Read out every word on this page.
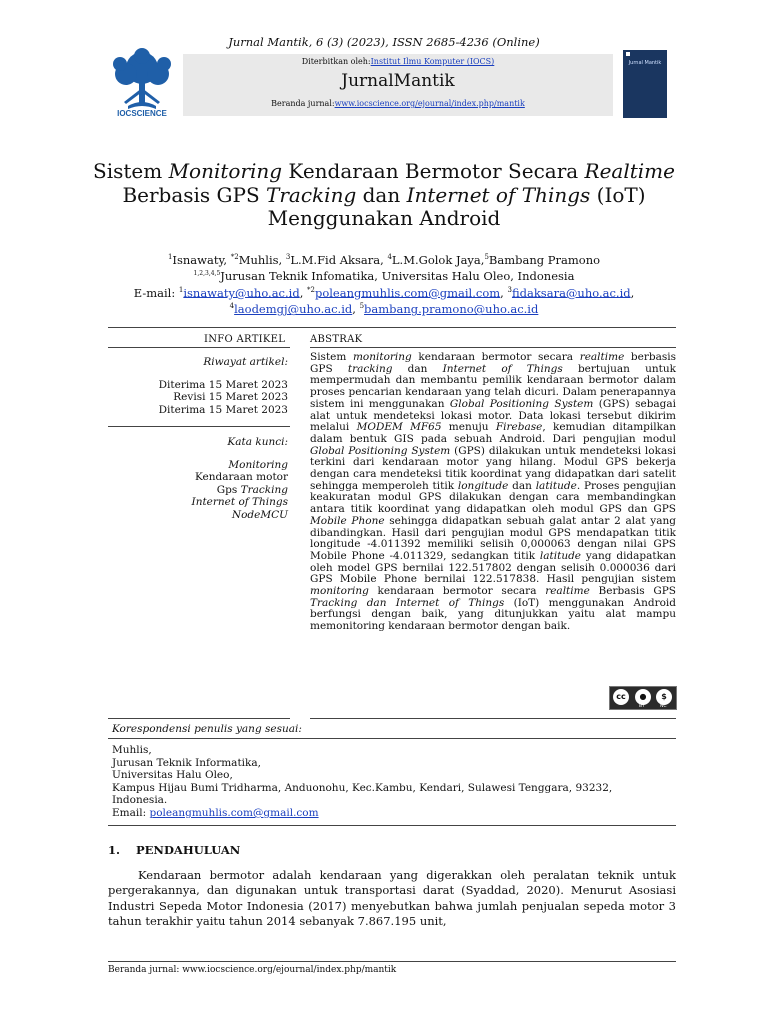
Jurnal Mantik, 6 (3) (2023), ISSN 2685-4236 (Online)
IOCSCIENCE
Diterbitkan oleh:Institut Ilmu Komputer (IOCS)
JurnalMantik
Beranda jurnal:www.iocscience.org/ejournal/index.php/mantik
Jurnal Mantik
Sistem Monitoring Kendaraan Bermotor Secara Realtime
Berbasis GPS Tracking dan Internet of Things (IoT)
Menggunakan Android
$^1$Isnawaty, $^{*2}$Muhlis, $^3$L.M.Fid Aksara, $^4$L.M.Golok Jaya,$^5$Bambang Pramono
$^{1,2,3,4,5}$Jurusan Teknik Infomatika, Universitas Halu Oleo, Indonesia
E-mail: $^1$isnawaty@uho.ac.id, $^{*2}$poleangmuhlis.com@gmail.com, $^3$fidaksara@uho.ac.id,
$^4$laodemgj@uho.ac.id, $^5$bambang.pramono@uho.ac.id
INFO ARTIKEL ABSTRAK
Riwayat artikel:
Diterima 15 Maret 2023
Revisi 15 Maret 2023
Diterima 15 Maret 2023
Kata kunci:
Monitoring
Kendaraan motor
Gps Tracking
Internet of Things
NodeMCU

Sistem monitoring kendaraan bermotor secara realtime berbasis GPS tracking dan Internet of Things bertujuan untuk mempermudah dan membantu pemilik kendaraan bermotor dalam proses pencarian kendaraan yang telah dicuri. Dalam penerapannya sistem ini menggunakan Global Positioning System (GPS) sebagai alat untuk mendeteksi lokasi motor. Data lokasi tersebut dikirim melalui MODEM MF65 menuju Firebase, kemudian ditampilkan dalam bentuk GIS pada sebuah Android. Dari pengujian modul Global Positioning System (GPS) dilakukan untuk mendeteksi lokasi terkini dari kendaraan motor yang hilang. Modul GPS bekerja dengan cara mendeteksi titik koordinat yang didapatkan dari satelit sehingga memperoleh titik longitude dan latitude. Proses pengujian keakuratan modul GPS dilakukan dengan cara membandingkan antara titik koordinat yang didapatkan oleh modul GPS dan GPS Mobile Phone sehingga didapatkan sebuah galat antar 2 alat yang dibandingkan. Hasil dari pengujian modul GPS mendapatkan titik longitude -4.011392 memiliki selisih 0,000063 dengan nilai GPS Mobile Phone -4.011329, sedangkan titik latitude yang didapatkan oleh model GPS bernilai 122.517802 dengan selisih 0.000036 dari GPS Mobile Phone bernilai 122.517838. Hasil pengujian sistem monitoring kendaraan bermotor secara realtime Berbasis GPS Tracking dan Internet of Things (IoT) menggunakan Android berfungsi dengan baik, yang ditunjukkan yaitu alat mampu memonitoring kendaraan bermotor dengan baik.

cc	●	$
BY	NC
Korespondensi penulis yang sesuai:
Muhlis,
Jurusan Teknik Informatika,
Universitas Halu Oleo,
Kampus Hijau Bumi Tridharma, Anduonohu, Kec.Kambu, Kendari, Sulawesi Tenggara, 93232,
Indonesia.
Email: poleangmuhlis.com@gmail.com
1.    PENDAHULUAN
Kendaraan bermotor adalah kendaraan yang digerakkan oleh peralatan teknik untuk pergerakannya, dan digunakan untuk transportasi darat (Syaddad, 2020). Menurut Asosiasi Industri Sepeda Motor Indonesia (2017) menyebutkan bahwa jumlah penjualan sepeda motor 3 tahun terakhir yaitu tahun 2014 sebanyak 7.867.195 unit,
Beranda jurnal: www.iocscience.org/ejournal/index.php/mantik
